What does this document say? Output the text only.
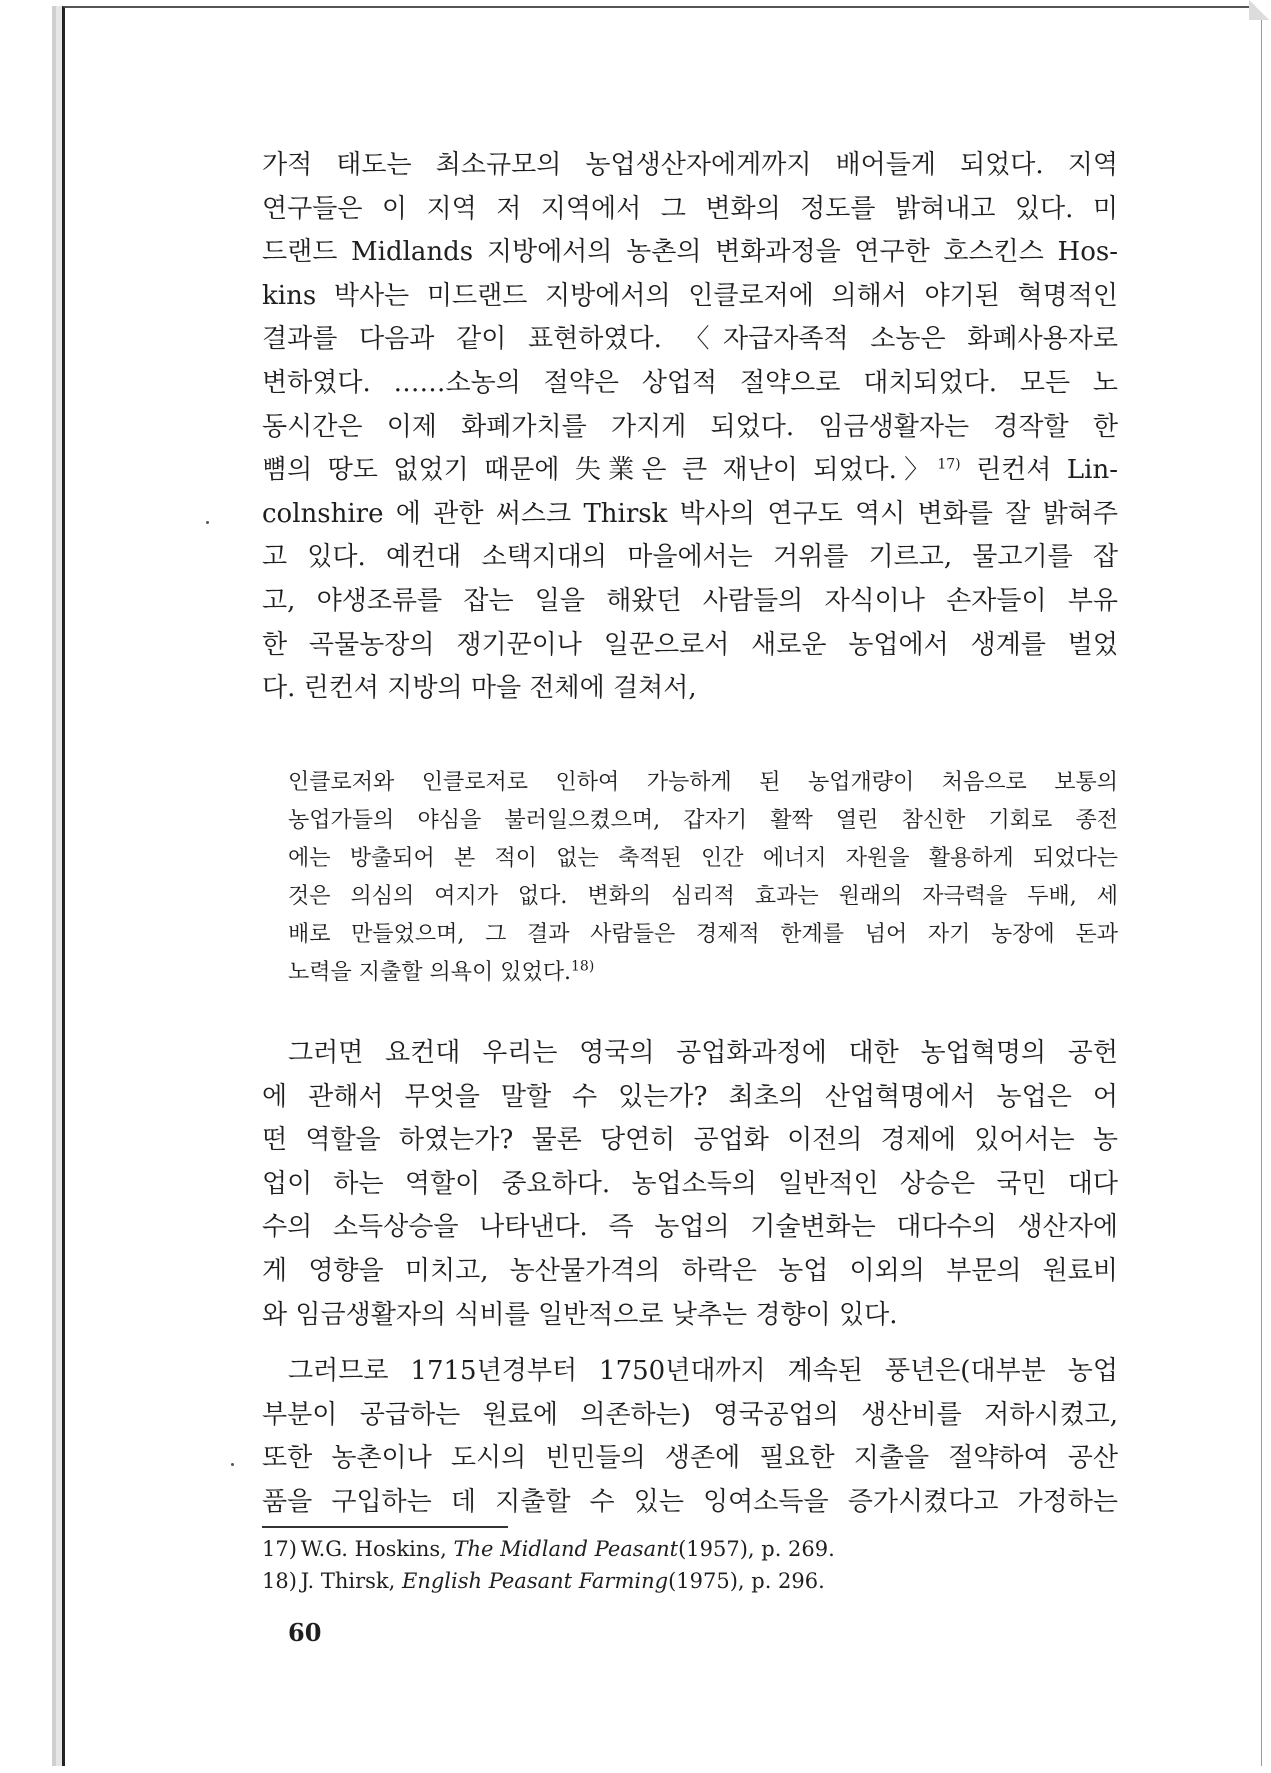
가적 태도는 최소규모의 농업생산자에게까지 배어들게 되었다. 지역
연구들은 이 지역 저 지역에서 그 변화의 정도를 밝혀내고 있다. 미
드랜드 Midlands 지방에서의 농촌의 변화과정을 연구한 호스킨스 Hos-
kins 박사는 미드랜드 지방에서의 인클로저에 의해서 야기된 혁명적인
결과를 다음과 같이 표현하였다. 〈자급자족적 소농은 화폐사용자로
변하였다. ……소농의 절약은 상업적 절약으로 대치되었다. 모든 노
동시간은 이제 화폐가치를 가지게 되었다. 임금생활자는 경작할 한
뼘의 땅도 없었기 때문에 失業은 큰 재난이 되었다.〉$^{17)}$ 린컨셔 Lin-
colnshire 에 관한 써스크 Thirsk 박사의 연구도 역시 변화를 잘 밝혀주
고 있다. 예컨대 소택지대의 마을에서는 거위를 기르고, 물고기를 잡
고, 야생조류를 잡는 일을 해왔던 사람들의 자식이나 손자들이 부유
한 곡물농장의 쟁기꾼이나 일꾼으로서 새로운 농업에서 생계를 벌었
다. 린컨셔 지방의 마을 전체에 걸쳐서,
인클로저와 인클로저로 인하여 가능하게 된 농업개량이 처음으로 보통의
농업가들의 야심을 불러일으켰으며, 갑자기 활짝 열린 참신한 기회로 종전
에는 방출되어 본 적이 없는 축적된 인간 에너지 자원을 활용하게 되었다는
것은 의심의 여지가 없다. 변화의 심리적 효과는 원래의 자극력을 두배, 세
배로 만들었으며, 그 결과 사람들은 경제적 한계를 넘어 자기 농장에 돈과
노력을 지출할 의욕이 있었다.$^{18)}$
그러면 요컨대 우리는 영국의 공업화과정에 대한 농업혁명의 공헌
에 관해서 무엇을 말할 수 있는가? 최초의 산업혁명에서 농업은 어
떤 역할을 하였는가? 물론 당연히 공업화 이전의 경제에 있어서는 농
업이 하는 역할이 중요하다. 농업소득의 일반적인 상승은 국민 대다
수의 소득상승을 나타낸다. 즉 농업의 기술변화는 대다수의 생산자에
게 영향을 미치고, 농산물가격의 하락은 농업 이외의 부문의 원료비
와 임금생활자의 식비를 일반적으로 낮추는 경향이 있다.
그러므로 1715년경부터 1750년대까지 계속된 풍년은(대부분 농업
부분이 공급하는 원료에 의존하는) 영국공업의 생산비를 저하시켰고,
또한 농촌이나 도시의 빈민들의 생존에 필요한 지출을 절약하여 공산
품을 구입하는 데 지출할 수 있는 잉여소득을 증가시켰다고 가정하는
17) W.G. Hoskins, The Midland Peasant(1957), p. 269.
18) J. Thirsk, English Peasant Farming(1975), p. 296.
60
